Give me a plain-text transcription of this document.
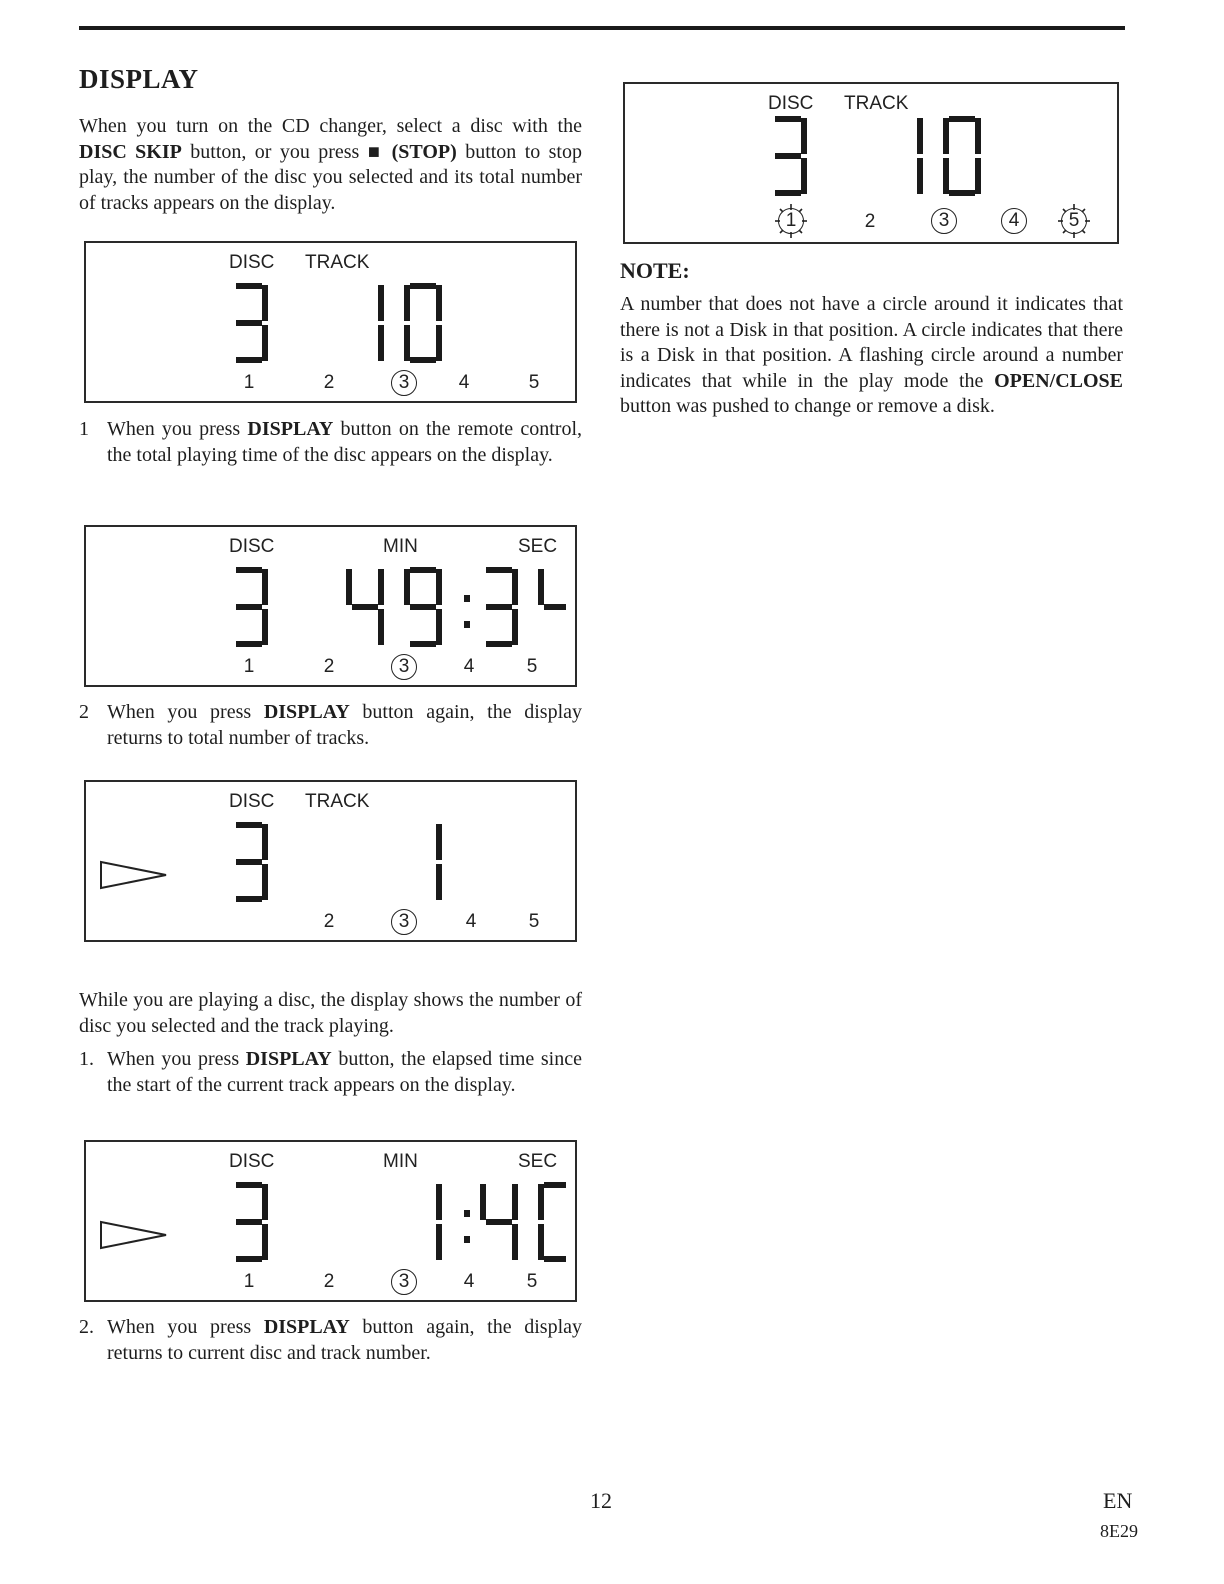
DISPLAY
When you turn on the CD changer, select a disc with the DISC SKIP button, or you press ■ (STOP) button to stop play, the number of the disc you selected and its total number of tracks appears on the display.
DISC TRACK
1	2	3	4	5
1 When you press DISPLAY button on the remote control, the total playing time of the disc appears on the display.
DISC	MIN	SEC
1	2	3	4	5
2 When you press DISPLAY button again, the display returns to total number of tracks.
DISC TRACK
2	3	4	5
While you are playing a disc, the display shows the number of disc you selected and the track playing.
1. When you press DISPLAY button, the elapsed time since the start of the current track appears on the display.
DISC	MIN	SEC
1	2	3	4	5
2. When you press DISPLAY button again, the display returns to current disc and track number.
DISC TRACK
1	2	3	4	5
NOTE:
A number that does not have a circle around it indicates that there is not a Disk in that position. A circle indicates that there is a Disk in that position. A flashing circle around a number indicates that while in the play mode the OPEN/CLOSE button was pushed to change or remove a disk.
12	EN
8E29
